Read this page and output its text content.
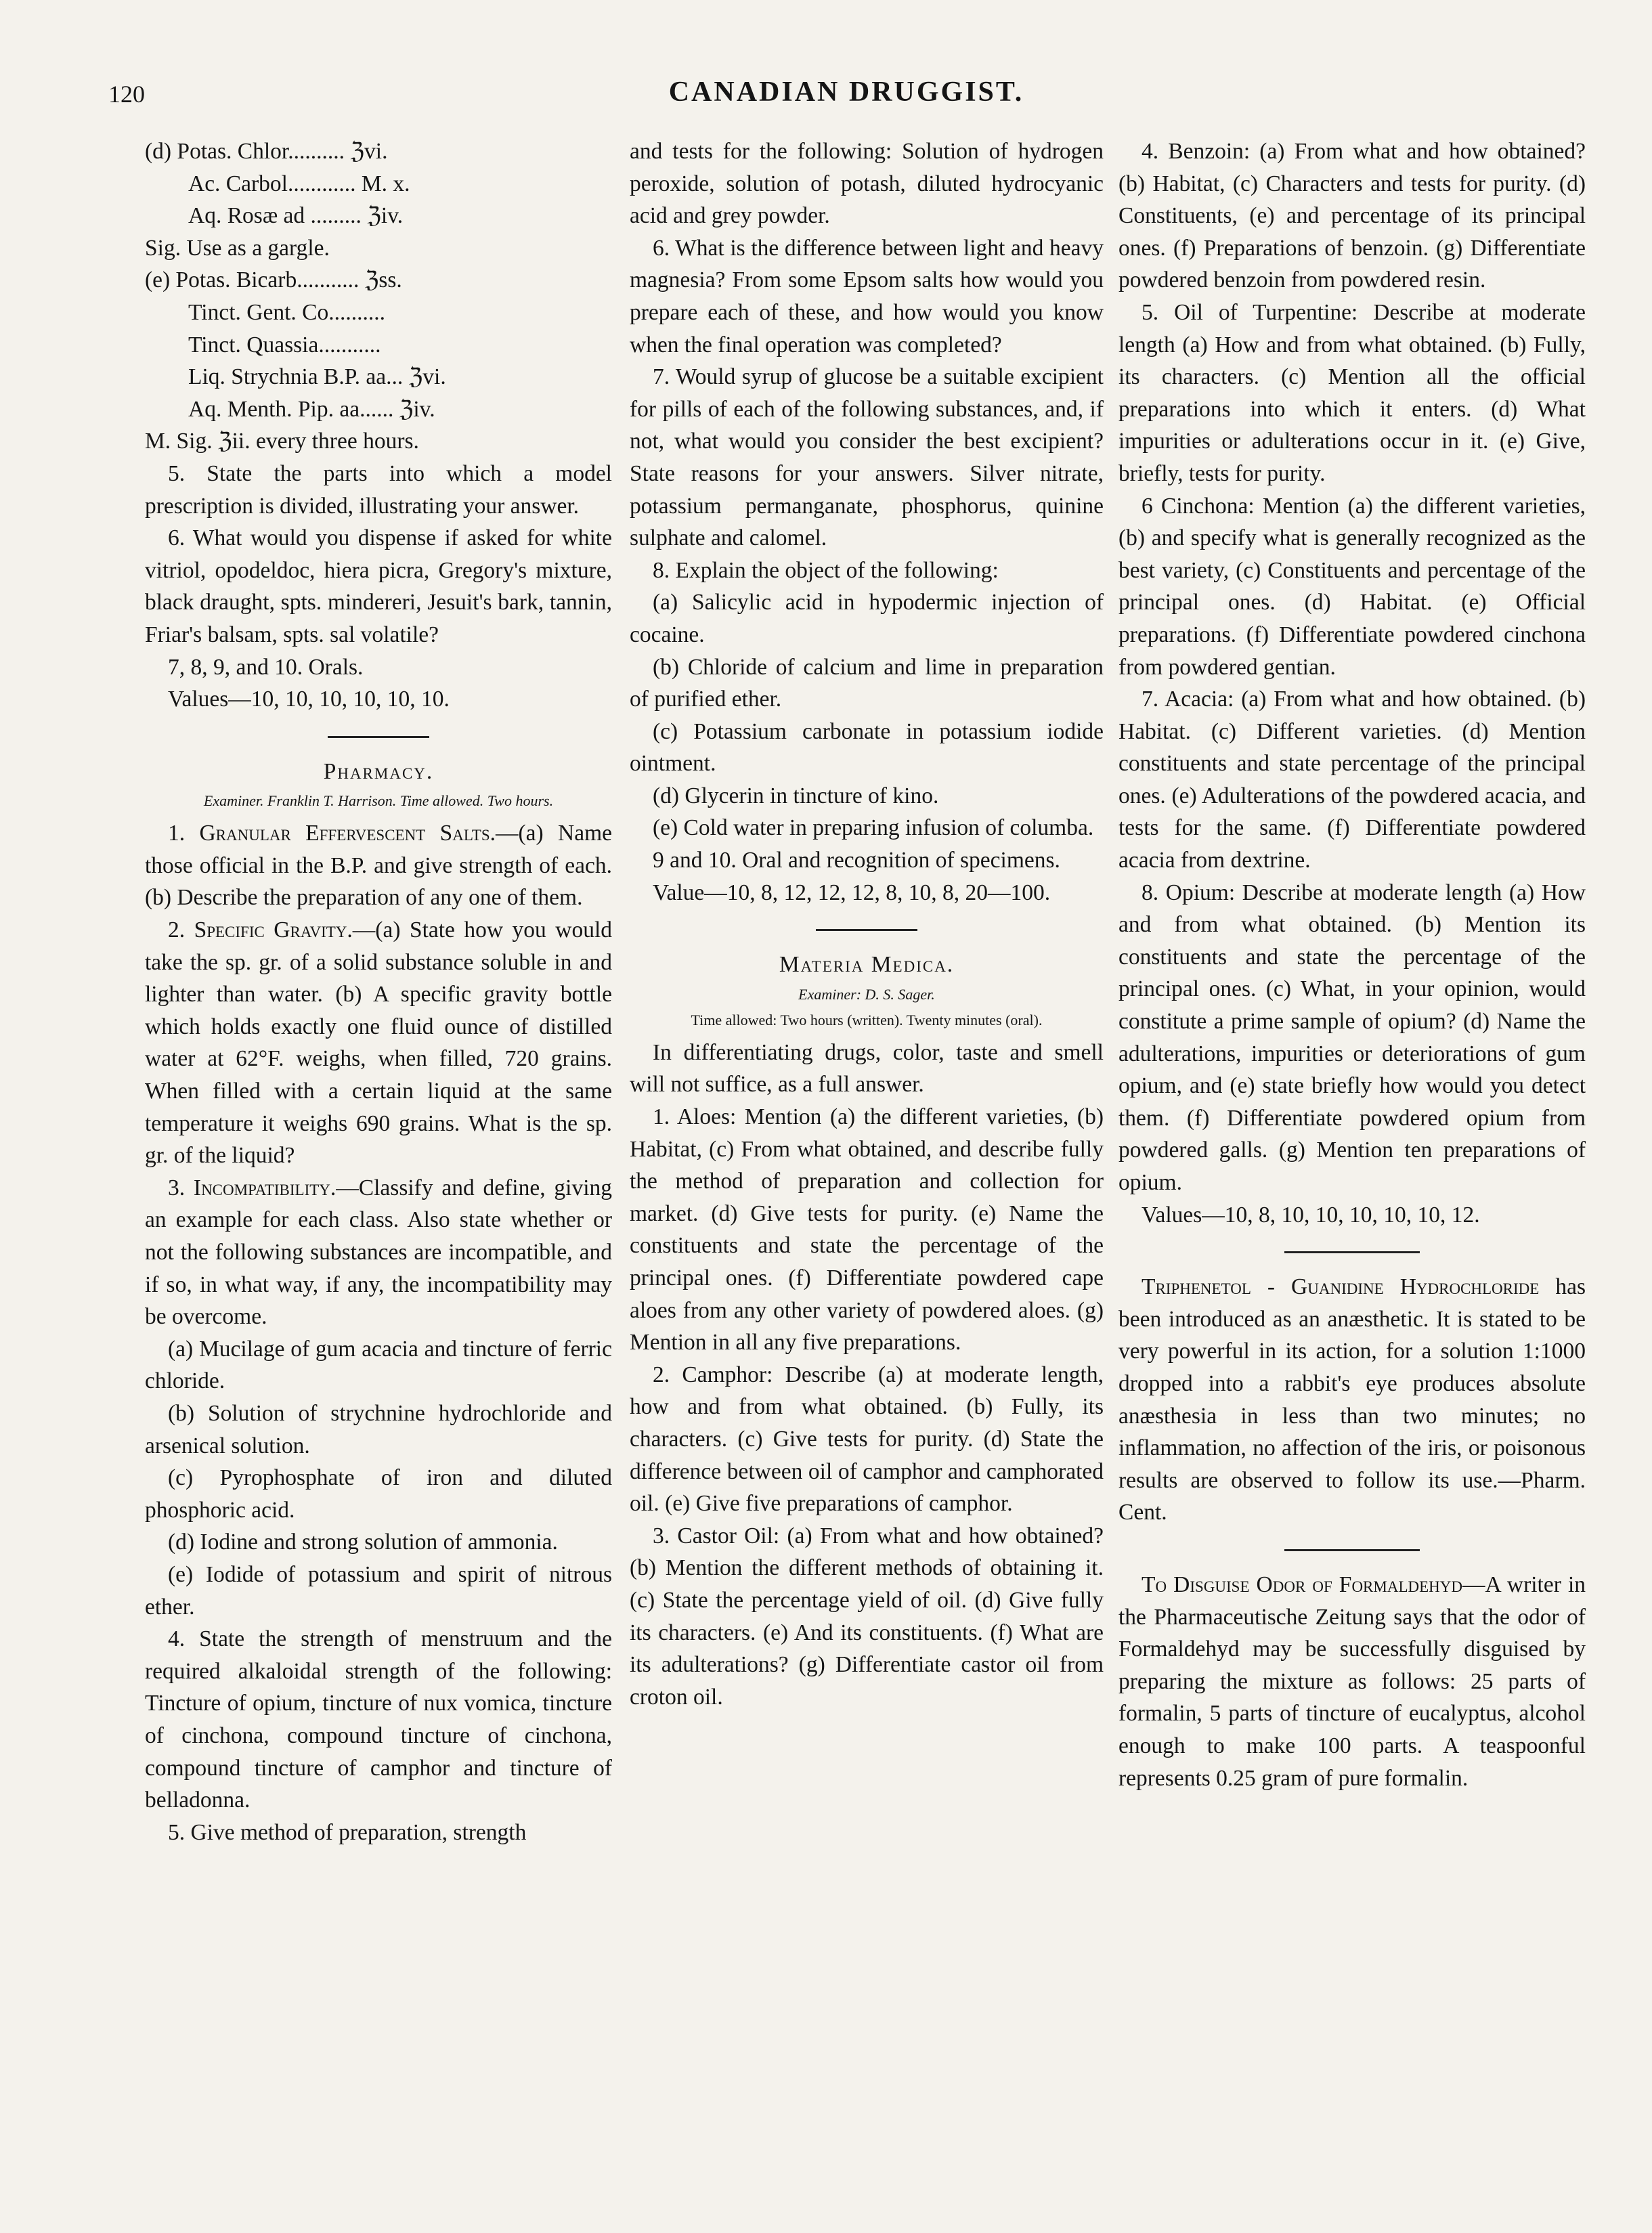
120	CANADIAN DRUGGIST.
(d) Potas. Chlor.......... ℨvi.
Ac. Carbol............ M. x.
Aq. Rosæ ad ......... ℨiv.
Sig. Use as a gargle.
(e) Potas. Bicarb........... ℨss.
Tinct. Gent. Co..........
Tinct. Quassia...........
Liq. Strychnia B.P. aa... ℨvi.
Aq. Menth. Pip. aa...... ℨiv.
M. Sig. ℨii. every three hours.

5. State the parts into which a model prescription is divided, illustrating your answer.

6. What would you dispense if asked for white vitriol, opodeldoc, hiera picra, Gregory's mixture, black draught, spts. mindereri, Jesuit's bark, tannin, Friar's balsam, spts. sal volatile?

7, 8, 9, and 10. Orals.

Values—10, 10, 10, 10, 10, 10.

Pharmacy.
Examiner. Franklin T. Harrison. Time allowed. Two hours.

1. Granular Effervescent Salts.—(a) Name those official in the B.P. and give strength of each. (b) Describe the preparation of any one of them.

2. Specific Gravity.—(a) State how you would take the sp. gr. of a solid substance soluble in and lighter than water. (b) A specific gravity bottle which holds exactly one fluid ounce of distilled water at 62°F. weighs, when filled, 720 grains. When filled with a certain liquid at the same temperature it weighs 690 grains. What is the sp. gr. of the liquid?

3. Incompatibility.—Classify and define, giving an example for each class. Also state whether or not the following substances are incompatible, and if so, in what way, if any, the incompatibility may be overcome.

(a) Mucilage of gum acacia and tincture of ferric chloride.

(b) Solution of strychnine hydrochloride and arsenical solution.

(c) Pyrophosphate of iron and diluted phosphoric acid.

(d) Iodine and strong solution of ammonia.

(e) Iodide of potassium and spirit of nitrous ether.

4. State the strength of menstruum and the required alkaloidal strength of the following: Tincture of opium, tincture of nux vomica, tincture of cinchona, compound tincture of cinchona, compound tincture of camphor and tincture of belladonna.

5. Give method of preparation, strength

and tests for the following: Solution of hydrogen peroxide, solution of potash, diluted hydrocyanic acid and grey powder.

6. What is the difference between light and heavy magnesia? From some Epsom salts how would you prepare each of these, and how would you know when the final operation was completed?

7. Would syrup of glucose be a suitable excipient for pills of each of the following substances, and, if not, what would you consider the best excipient? State reasons for your answers. Silver nitrate, potassium permanganate, phosphorus, quinine sulphate and calomel.

8. Explain the object of the following:

(a) Salicylic acid in hypodermic injection of cocaine.

(b) Chloride of calcium and lime in preparation of purified ether.

(c) Potassium carbonate in potassium iodide ointment.

(d) Glycerin in tincture of kino.

(e) Cold water in preparing infusion of columba.

9 and 10. Oral and recognition of specimens.

Value—10, 8, 12, 12, 12, 8, 10, 8, 20—100.

Materia Medica.
Examiner: D. S. Sager.
Time allowed: Two hours (written). Twenty minutes (oral).

In differentiating drugs, color, taste and smell will not suffice, as a full answer.

1. Aloes: Mention (a) the different varieties, (b) Habitat, (c) From what obtained, and describe fully the method of preparation and collection for market. (d) Give tests for purity. (e) Name the constituents and state the percentage of the principal ones. (f) Differentiate powdered cape aloes from any other variety of powdered aloes. (g) Mention in all any five preparations.

2. Camphor: Describe (a) at moderate length, how and from what obtained. (b) Fully, its characters. (c) Give tests for purity. (d) State the difference between oil of camphor and camphorated oil. (e) Give five preparations of camphor.

3. Castor Oil: (a) From what and how obtained? (b) Mention the different methods of obtaining it. (c) State the percentage yield of oil. (d) Give fully its characters. (e) And its constituents. (f) What are its adulterations? (g) Differentiate castor oil from croton oil.

4. Benzoin: (a) From what and how obtained? (b) Habitat, (c) Characters and tests for purity. (d) Constituents, (e) and percentage of its principal ones. (f) Preparations of benzoin. (g) Differentiate powdered benzoin from powdered resin.

5. Oil of Turpentine: Describe at moderate length (a) How and from what obtained. (b) Fully, its characters. (c) Mention all the official preparations into which it enters. (d) What impurities or adulterations occur in it. (e) Give, briefly, tests for purity.

6 Cinchona: Mention (a) the different varieties, (b) and specify what is generally recognized as the best variety, (c) Constituents and percentage of the principal ones. (d) Habitat. (e) Official preparations. (f) Differentiate powdered cinchona from powdered gentian.

7. Acacia: (a) From what and how obtained. (b) Habitat. (c) Different varieties. (d) Mention constituents and state percentage of the principal ones. (e) Adulterations of the powdered acacia, and tests for the same. (f) Differentiate powdered acacia from dextrine.

8. Opium: Describe at moderate length (a) How and from what obtained. (b) Mention its constituents and state the percentage of the principal ones. (c) What, in your opinion, would constitute a prime sample of opium? (d) Name the adulterations, impurities or deteriorations of gum opium, and (e) state briefly how would you detect them. (f) Differentiate powdered opium from powdered galls. (g) Mention ten preparations of opium.

Values—10, 8, 10, 10, 10, 10, 10, 12.

Triphenetol - Guanidine Hydrochloride has been introduced as an anæsthetic. It is stated to be very powerful in its action, for a solution 1:1000 dropped into a rabbit's eye produces absolute anæsthesia in less than two minutes; no inflammation, no affection of the iris, or poisonous results are observed to follow its use.—Pharm. Cent.

To Disguise Odor of Formaldehyd—A writer in the Pharmaceutische Zeitung says that the odor of Formaldehyd may be successfully disguised by preparing the mixture as follows: 25 parts of formalin, 5 parts of tincture of eucalyptus, alcohol enough to make 100 parts. A teaspoonful represents 0.25 gram of pure formalin.
